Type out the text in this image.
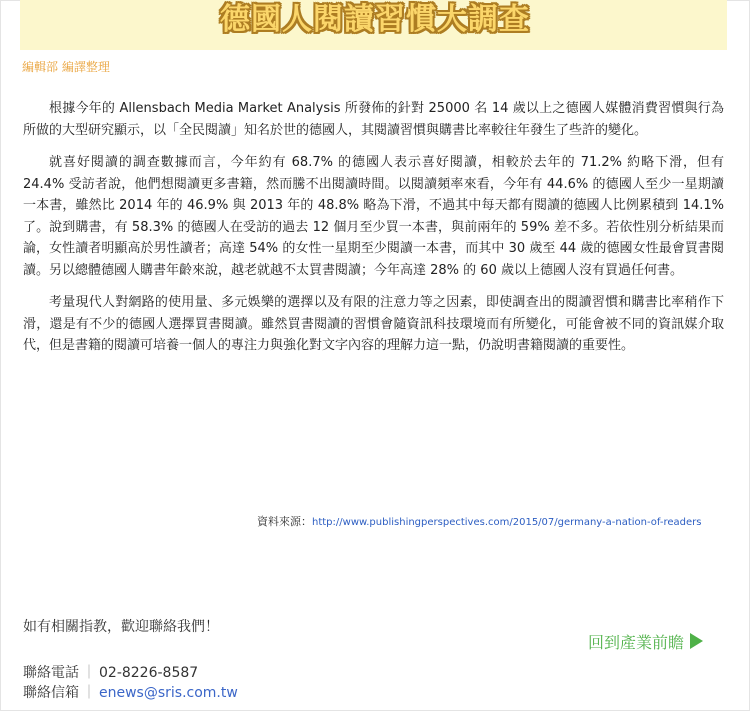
德國人閱讀習慣大調查
編輯部 編譯整理

根據今年的 Allensbach Media Market Analysis 所發佈的針對 25000 名 14 歲以上之德國人媒體消費習慣與行為所做的大型研究顯示，以「全民閱讀」知名於世的德國人，其閱讀習慣與購書比率較往年發生了些許的變化。

就喜好閱讀的調查數據而言，今年約有 68.7% 的德國人表示喜好閱讀，相較於去年的 71.2% 約略下滑，但有 24.4% 受訪者說，他們想閱讀更多書籍，然而騰不出閱讀時間。以閱讀頻率來看，今年有 44.6% 的德國人至少一星期讀一本書，雖然比 2014 年的 46.9% 與 2013 年的 48.8% 略為下滑，不過其中每天都有閱讀的德國人比例累積到 14.1% 了。說到購書，有 58.3% 的德國人在受訪的過去 12 個月至少買一本書，與前兩年的 59% 差不多。若依性別分析結果而論，女性讀者明顯高於男性讀者；高達 54% 的女性一星期至少閱讀一本書，而其中 30 歲至 44 歲的德國女性最會買書閱讀。另以總體德國人購書年齡來說，越老就越不太買書閱讀；今年高達 28% 的 60 歲以上德國人沒有買過任何書。

考量現代人對網路的使用量、多元娛樂的選擇以及有限的注意力等之因素，即使調查出的閱讀習慣和購書比率稍作下滑，還是有不少的德國人選擇買書閱讀。雖然買書閱讀的習慣會隨資訊科技環境而有所變化，可能會被不同的資訊媒介取代，但是書籍的閱讀可培養一個人的專注力與強化對文字內容的理解力這一點，仍說明書籍閱讀的重要性。

資料來源：http://www.publishingperspectives.com/2015/07/germany-a-nation-of-readers
如有相關指教，歡迎聯絡我們！
聯絡電話 ｜ 02-8226-8587
聯絡信箱 ｜ enews@sris.com.tw
回到產業前瞻
